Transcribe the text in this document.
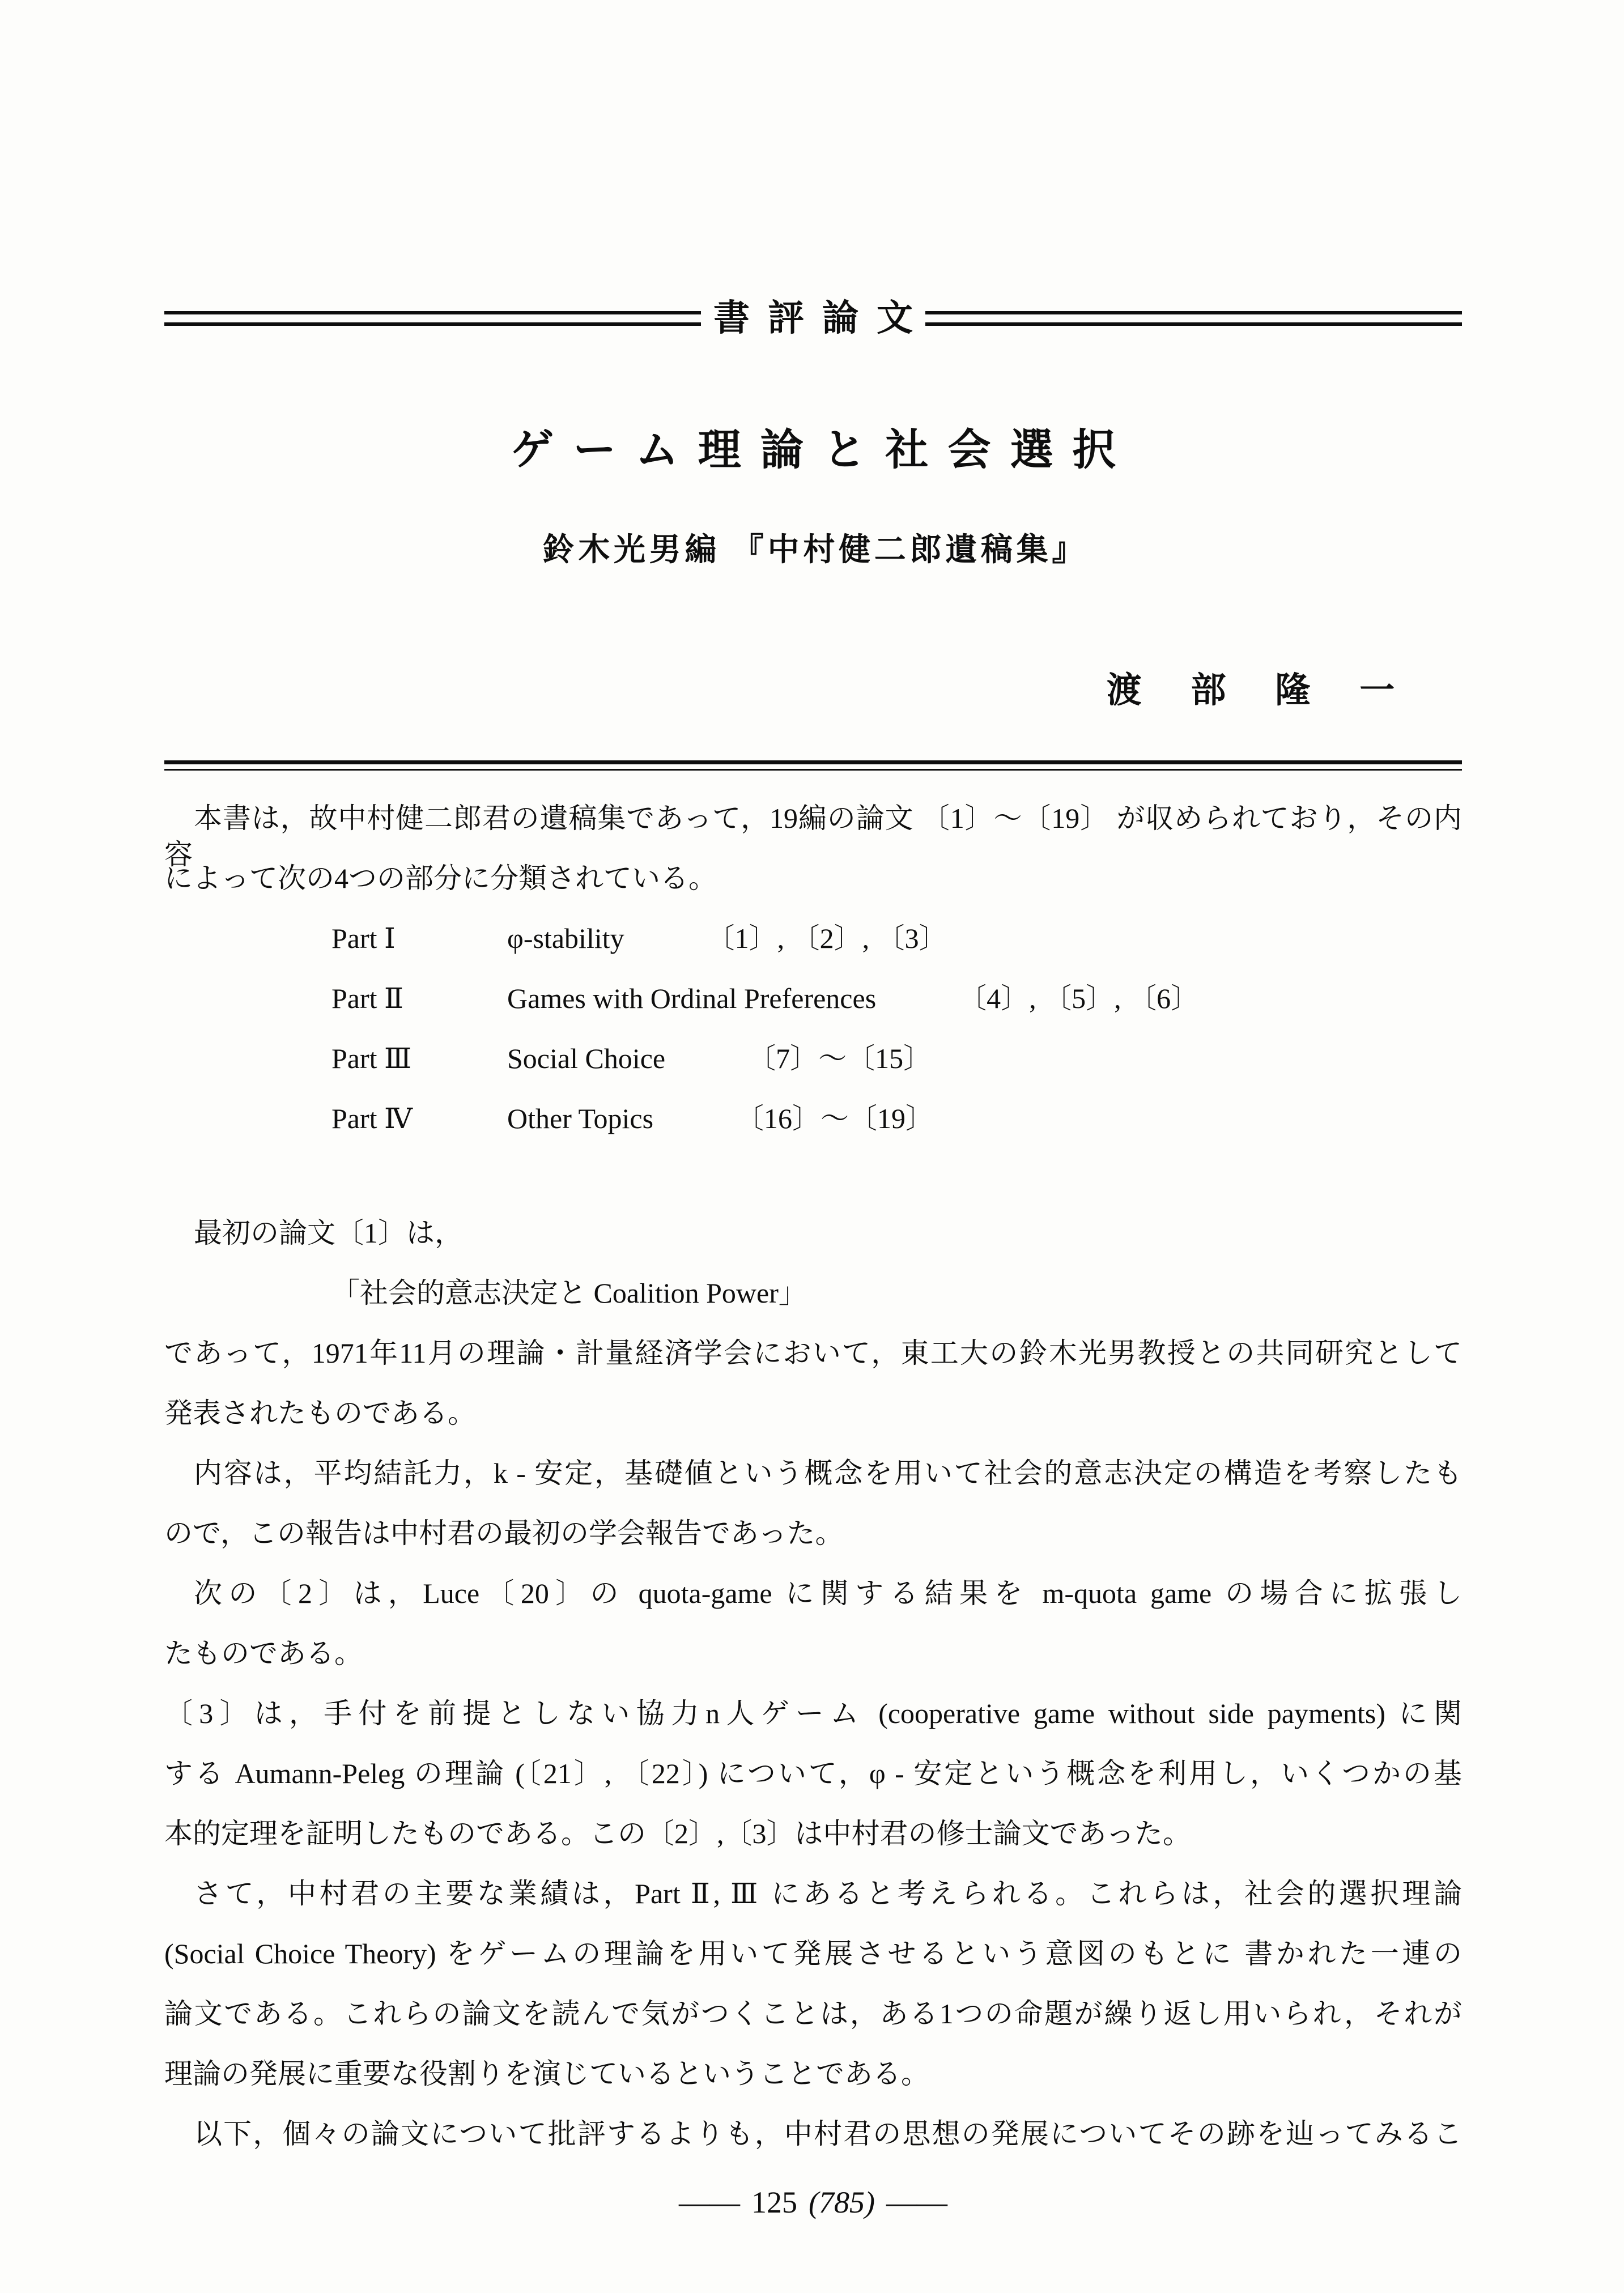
書評論文
ゲーム理論と社会選択
鈴木光男編 『中村健二郎遺稿集』
渡部隆一
本書は，故中村健二郎君の遺稿集であって，19編の論文 〔1〕～〔19〕 が収められており，その内容
によって次の4つの部分に分類されている。
Part Ⅰ	φ-stability	〔1〕, 〔2〕, 〔3〕
Part Ⅱ	Games with Ordinal Preferences	〔4〕, 〔5〕, 〔6〕
Part Ⅲ	Social Choice	〔7〕～〔15〕
Part Ⅳ	Other Topics	〔16〕～〔19〕
最初の論文〔1〕は，
「社会的意志決定と Coalition Power」
であって，1971年11月の理論・計量経済学会において，東工大の鈴木光男教授との共同研究として
発表されたものである。
内容は，平均結託力，k - 安定，基礎値という概念を用いて社会的意志決定の構造を考察したも
ので，この報告は中村君の最初の学会報告であった。
次の〔2〕は，Luce〔20〕の quota-game に関する結果を m-quota game の場合に拡張し
たものである。
〔3〕は，手付を前提としない協力n人ゲーム (cooperative game without side payments) に関
する Aumann-Peleg の理論 (〔21〕, 〔22〕) について，φ - 安定という概念を利用し，いくつかの基
本的定理を証明したものである。この〔2〕,〔3〕は中村君の修士論文であった。
さて，中村君の主要な業績は，Part Ⅱ, Ⅲ にあると考えられる。これらは，社会的選択理論
(Social Choice Theory) をゲームの理論を用いて発展させるという意図のもとに 書かれた一連の
論文である。これらの論文を読んで気がつくことは，ある1つの命題が繰り返し用いられ，それが
理論の発展に重要な役割りを演じているということである。
以下，個々の論文について批評するよりも，中村君の思想の発展についてその跡を辿ってみるこ
—— 125 (785) ——
